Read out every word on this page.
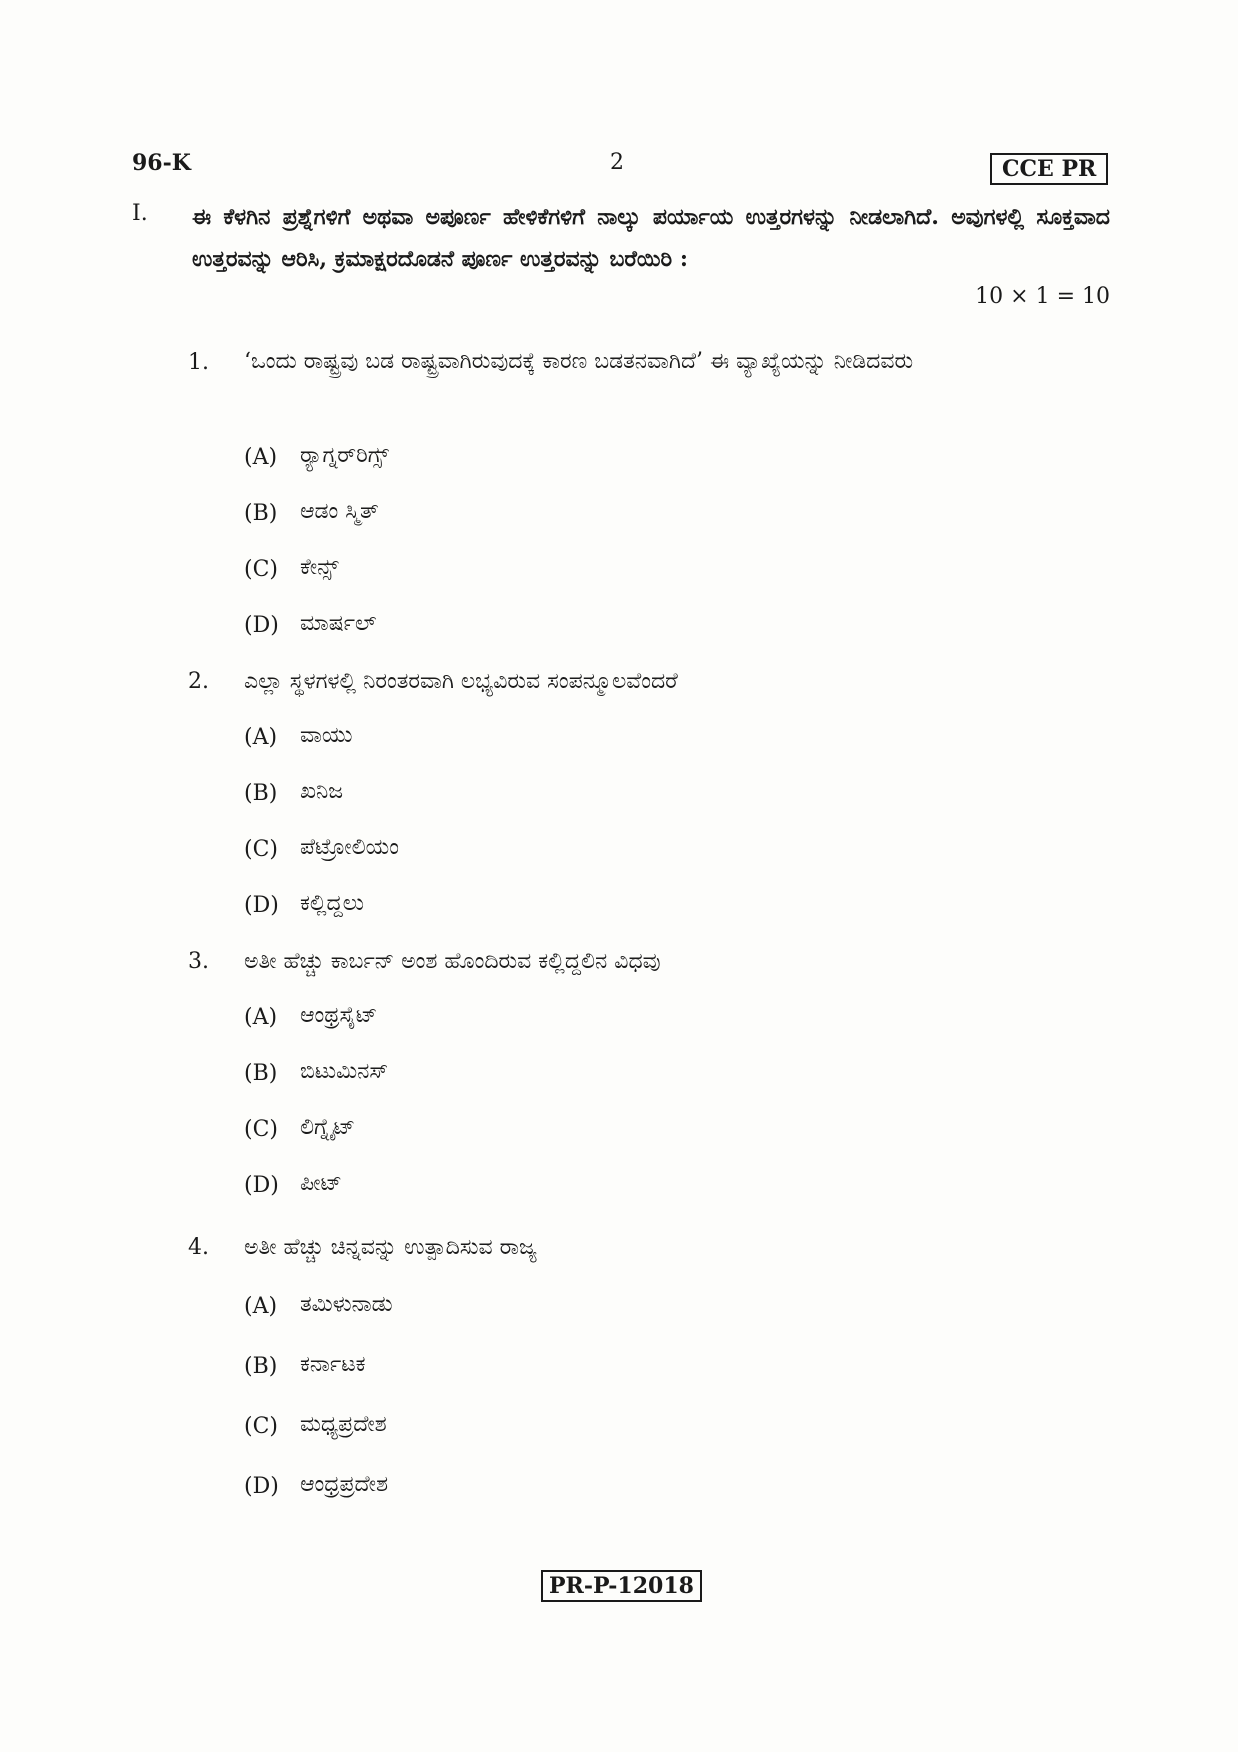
96-K	2	CCE PR
I. ಈ ಕೆಳಗಿನ ಪ್ರಶ್ನೆಗಳಿಗೆ ಅಥವಾ ಅಪೂರ್ಣ ಹೇಳಿಕೆಗಳಿಗೆ ನಾಲ್ಕು ಪರ್ಯಾಯ ಉತ್ತರಗಳನ್ನು ನೀಡಲಾಗಿದೆ. ಅವುಗಳಲ್ಲಿ ಸೂಕ್ತವಾದ ಉತ್ತರವನ್ನು ಆರಿಸಿ, ಕ್ರಮಾಕ್ಷರದೊಡನೆ ಪೂರ್ಣ ಉತ್ತರವನ್ನು ಬರೆಯಿರಿ :
10 × 1 = 10
1.	‘ಒಂದು ರಾಷ್ಟ್ರವು ಬಡ ರಾಷ್ಟ್ರವಾಗಿರುವುದಕ್ಕೆ ಕಾರಣ ಬಡತನವಾಗಿದೆ’ ಈ ವ್ಯಾಖ್ಯೆಯನ್ನು ನೀಡಿದವರು
(A) ರ್‍ಯಾಗ್ನರ್‌ರಿಗ್ಸ್
(B) ಆಡಂ ಸ್ಮಿತ್
(C) ಕೇನ್ಸ್
(D) ಮಾರ್ಷಲ್
2.	ಎಲ್ಲಾ ಸ್ಥಳಗಳಲ್ಲಿ ನಿರಂತರವಾಗಿ ಲಭ್ಯವಿರುವ ಸಂಪನ್ಮೂಲವೆಂದರೆ
(A) ವಾಯು
(B) ಖನಿಜ
(C) ಪೆಟ್ರೋಲಿಯಂ
(D) ಕಲ್ಲಿದ್ದಲು
3.	ಅತೀ ಹೆಚ್ಚು ಕಾರ್ಬನ್ ಅಂಶ ಹೊಂದಿರುವ ಕಲ್ಲಿದ್ದಲಿನ ವಿಧವು
(A) ಆಂಥ್ರಸೈಟ್
(B) ಬಿಟುಮಿನಸ್
(C) ಲಿಗ್ನೈಟ್
(D) ಪೀಟ್
4.	ಅತೀ ಹೆಚ್ಚು ಚಿನ್ನವನ್ನು ಉತ್ಪಾದಿಸುವ ರಾಜ್ಯ
(A) ತಮಿಳುನಾಡು
(B) ಕರ್ನಾಟಕ
(C) ಮಧ್ಯಪ್ರದೇಶ
(D) ಆಂಧ್ರಪ್ರದೇಶ
PR-P-12018
